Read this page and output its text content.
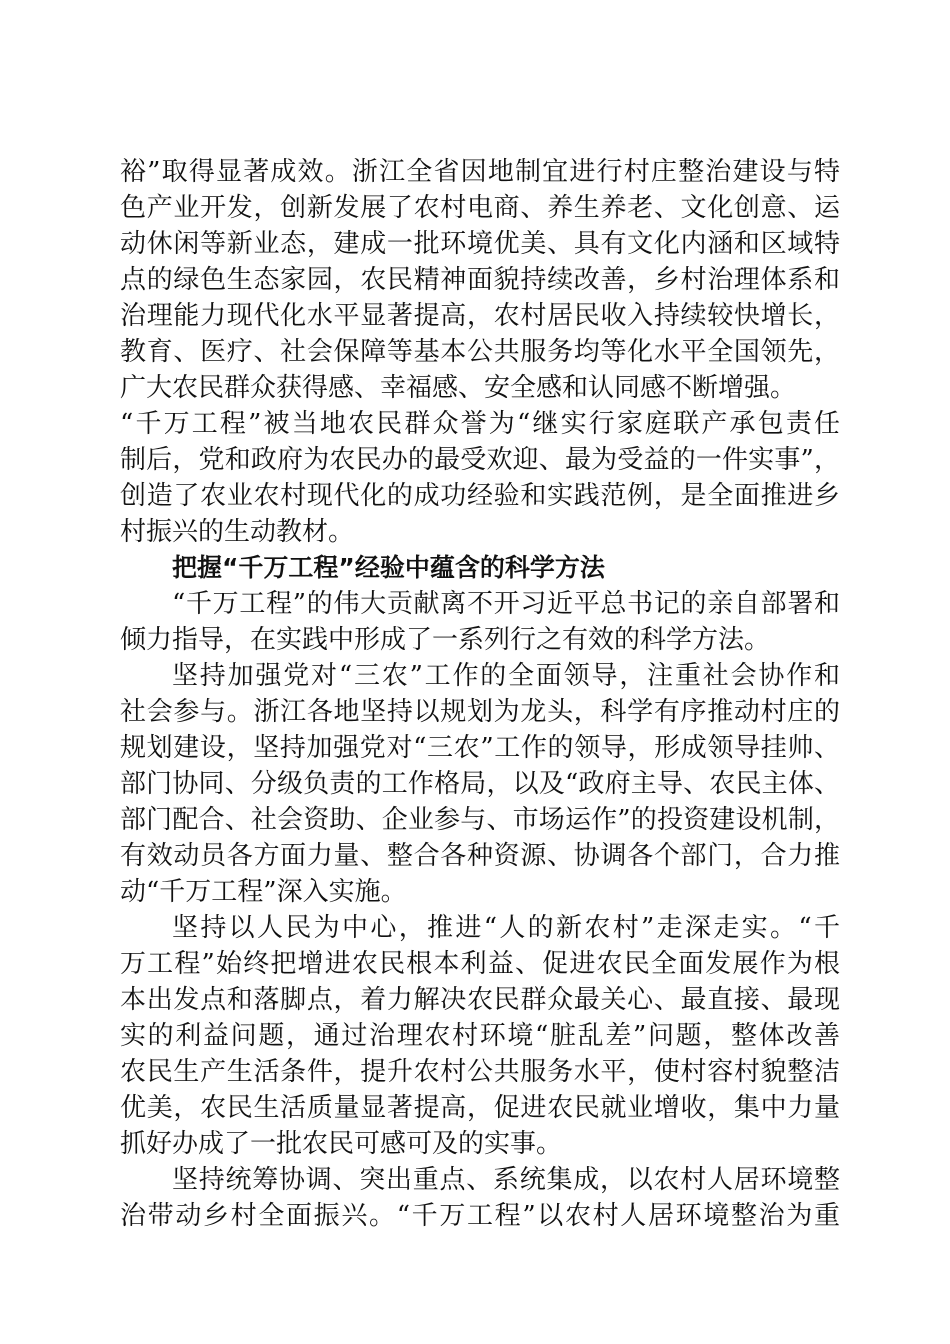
裕”取得显著成效。浙江全省因地制宜进行村庄整治建设与特
色产业开发，创新发展了农村电商、养生养老、文化创意、运
动休闲等新业态，建成一批环境优美、具有文化内涵和区域特
点的绿色生态家园，农民精神面貌持续改善，乡村治理体系和
治理能力现代化水平显著提高，农村居民收入持续较快增长，
教育、医疗、社会保障等基本公共服务均等化水平全国领先，
广大农民群众获得感、幸福感、安全感和认同感不断增强。
“千万工程”被当地农民群众誉为“继实行家庭联产承包责任
制后，党和政府为农民办的最受欢迎、最为受益的一件实事”，
创造了农业农村现代化的成功经验和实践范例，是全面推进乡
村振兴的生动教材。
把握“千万工程”经验中蕴含的科学方法
“千万工程”的伟大贡献离不开习近平总书记的亲自部署和
倾力指导，在实践中形成了一系列行之有效的科学方法。
坚持加强党对“三农”工作的全面领导，注重社会协作和
社会参与。浙江各地坚持以规划为龙头，科学有序推动村庄的
规划建设，坚持加强党对“三农”工作的领导，形成领导挂帅、
部门协同、分级负责的工作格局，以及“政府主导、农民主体、
部门配合、社会资助、企业参与、市场运作”的投资建设机制，
有效动员各方面力量、整合各种资源、协调各个部门，合力推
动“千万工程”深入实施。
坚持以人民为中心，推进“人的新农村”走深走实。“千
万工程”始终把增进农民根本利益、促进农民全面发展作为根
本出发点和落脚点，着力解决农民群众最关心、最直接、最现
实的利益问题，通过治理农村环境“脏乱差”问题，整体改善
农民生产生活条件，提升农村公共服务水平，使村容村貌整洁
优美，农民生活质量显著提高，促进农民就业增收，集中力量
抓好办成了一批农民可感可及的实事。
坚持统筹协调、突出重点、系统集成，以农村人居环境整
治带动乡村全面振兴。“千万工程”以农村人居环境整治为重
